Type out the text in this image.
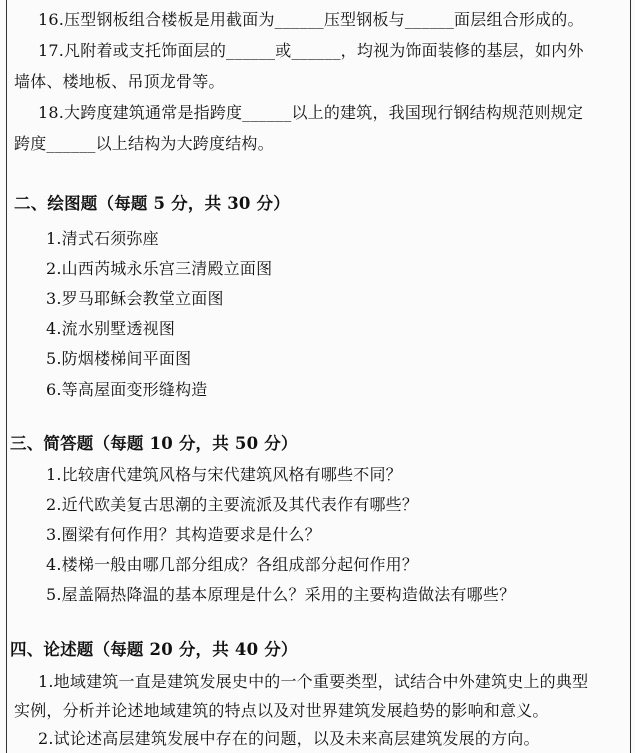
16.压型钢板组合楼板是用截面为______压型钢板与______面层组合形成的。
17.凡附着或支托饰面层的______或______，均视为饰面装修的基层，如内外
墙体、楼地板、吊顶龙骨等。
18.大跨度建筑通常是指跨度______以上的建筑，我国现行钢结构规范则规定
跨度______以上结构为大跨度结构。
二、绘图题（每题 5 分，共 30 分）
1.清式石须弥座
2.山西芮城永乐宫三清殿立面图
3.罗马耶稣会教堂立面图
4.流水别墅透视图
5.防烟楼梯间平面图
6.等高屋面变形缝构造
三、简答题（每题 10 分，共 50 分）
1.比较唐代建筑风格与宋代建筑风格有哪些不同？
2.近代欧美复古思潮的主要流派及其代表作有哪些？
3.圈梁有何作用？其构造要求是什么？
4.楼梯一般由哪几部分组成？各组成部分起何作用？
5.屋盖隔热降温的基本原理是什么？采用的主要构造做法有哪些？
四、论述题（每题 20 分，共 40 分）
1.地域建筑一直是建筑发展史中的一个重要类型，试结合中外建筑史上的典型
实例，分析并论述地域建筑的特点以及对世界建筑发展趋势的影响和意义。
2.试论述高层建筑发展中存在的问题，以及未来高层建筑发展的方向。
